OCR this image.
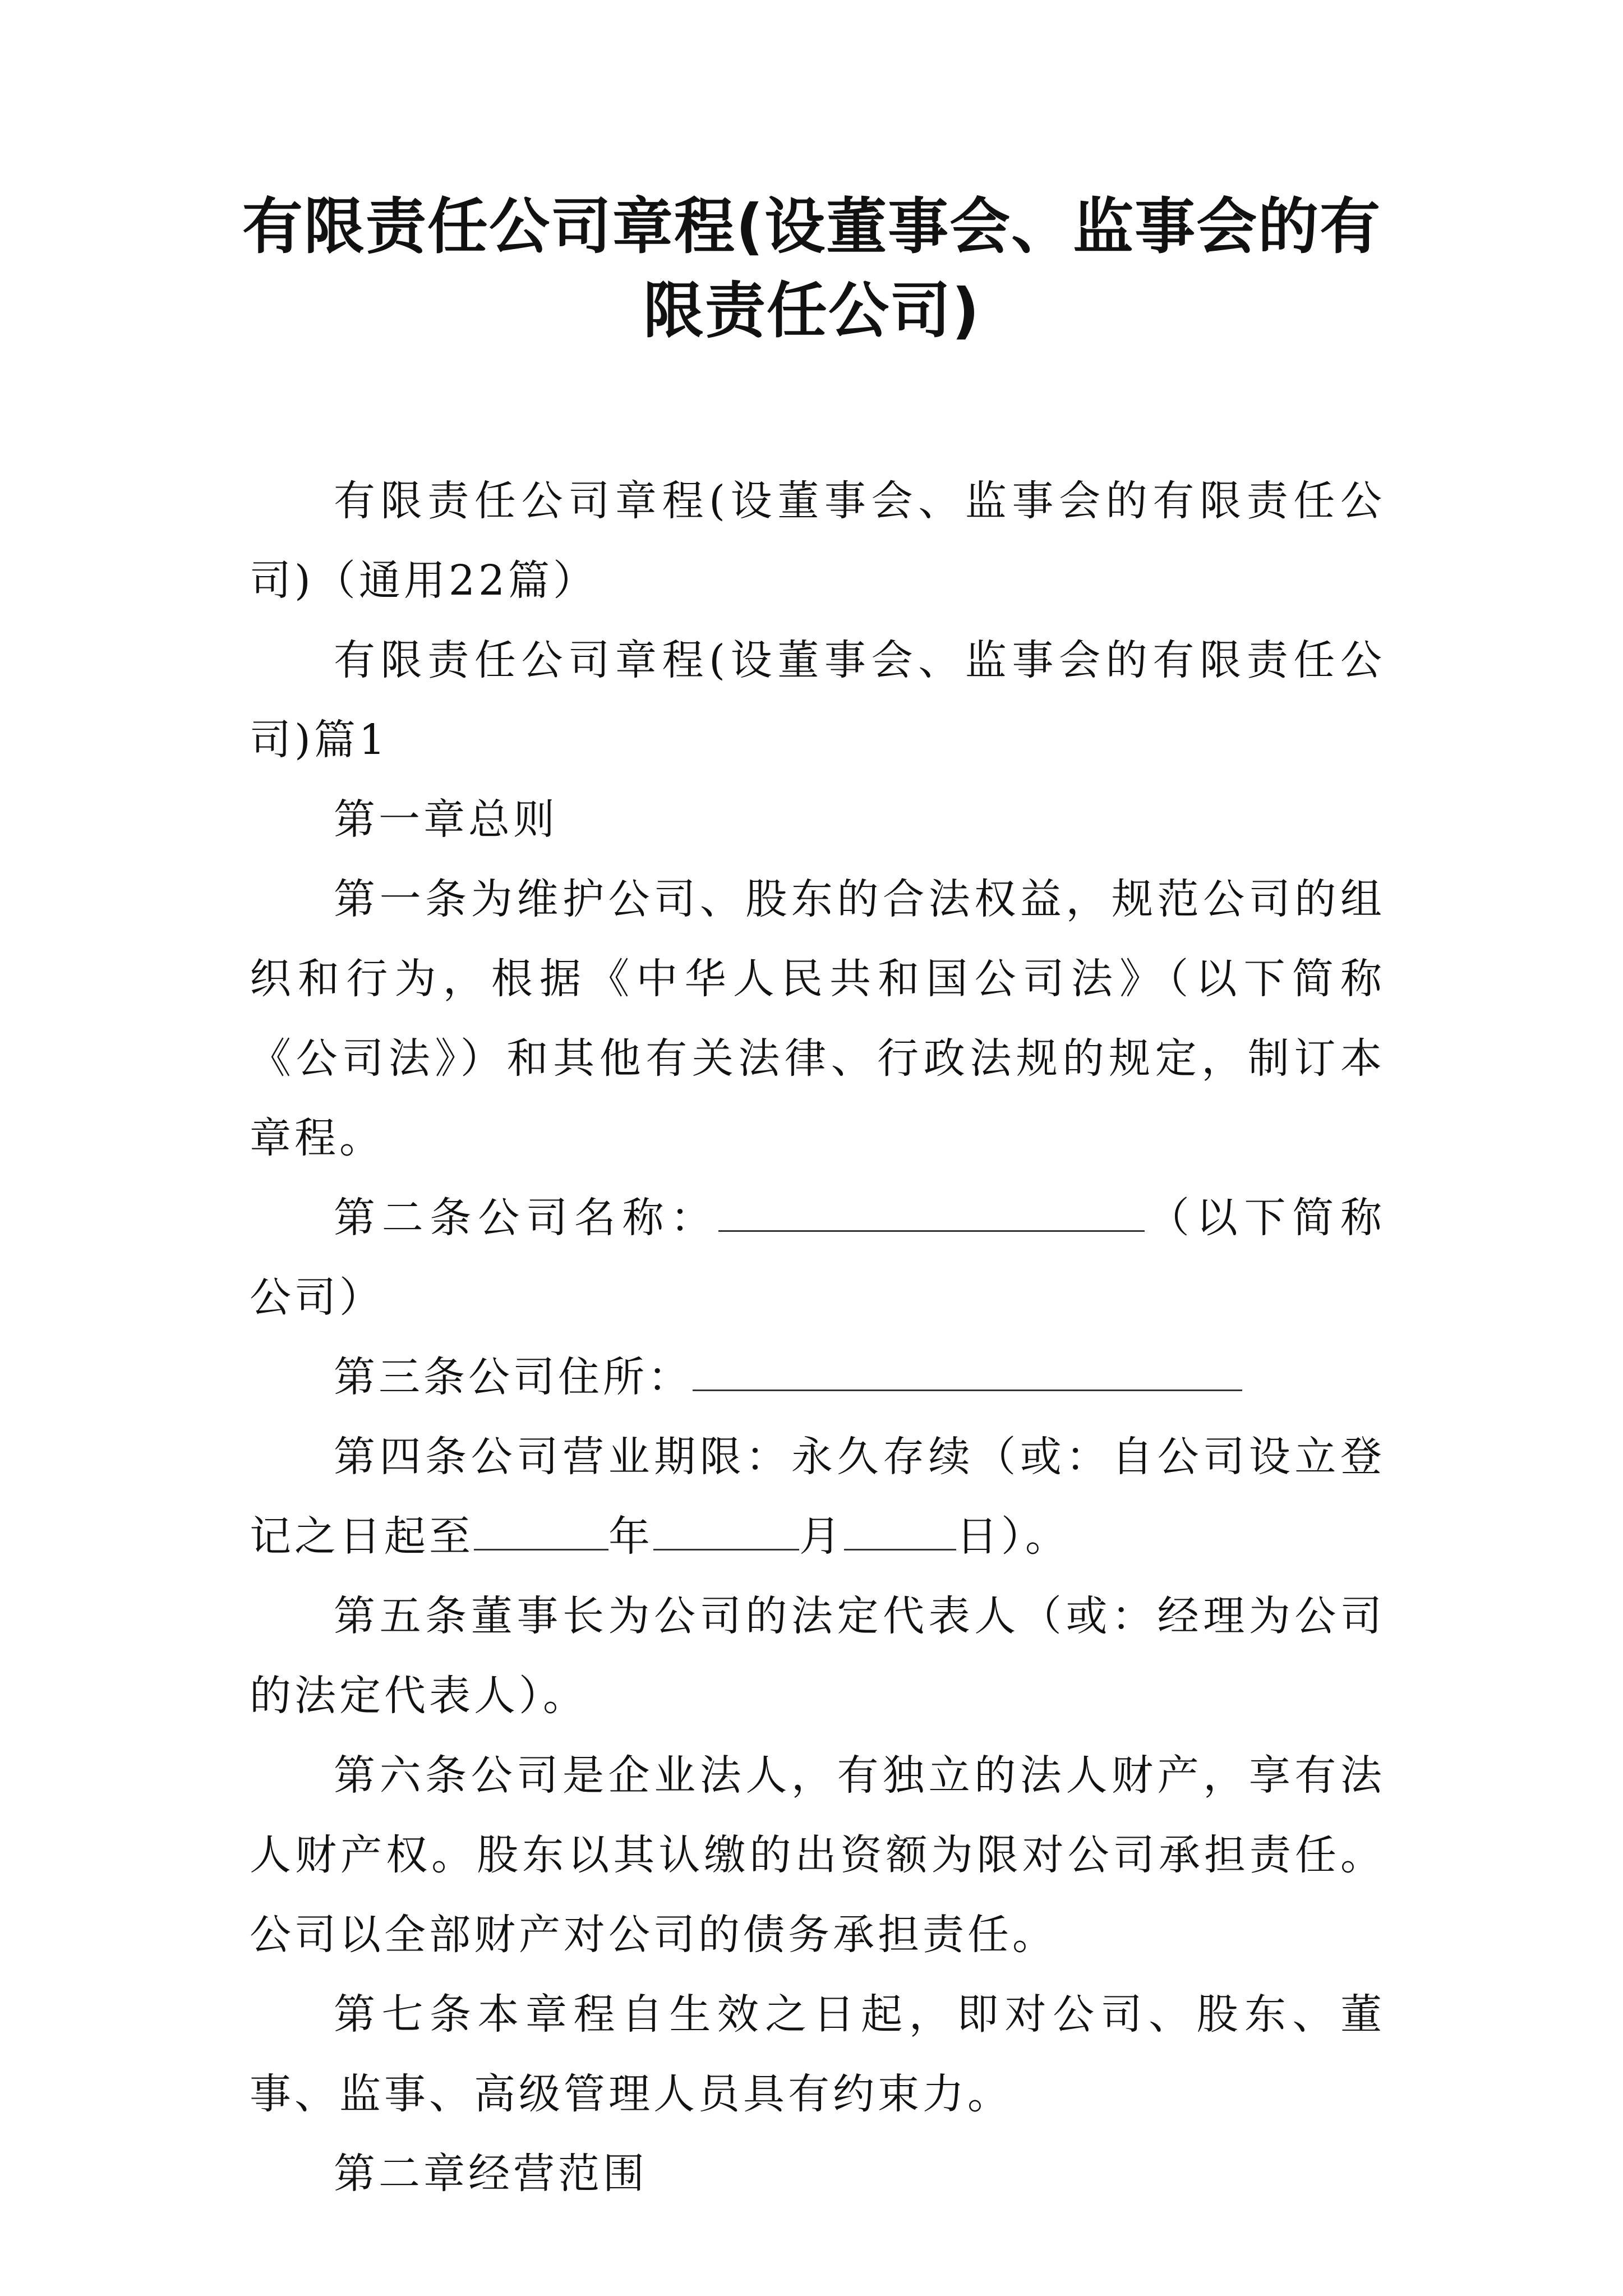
有限责任公司章程(设董事会、监事会的有
限责任公司)

有限责任公司章程(设董事会、监事会的有限责任公司)（通用22篇）

有限责任公司章程(设董事会、监事会的有限责任公司)篇1

第一章总则

第一条为维护公司、股东的合法权益，规范公司的组织和行为，根据《中华人民共和国公司法》（以下简称《公司法》）和其他有关法律、行政法规的规定，制订本章程。

第二条公司名称：	（以下简称公司）

第三条公司住所：

第四条公司营业期限：永久存续（或：自公司设立登记之日起至	年	月	日）。

第五条董事长为公司的法定代表人（或：经理为公司的法定代表人）。

第六条公司是企业法人，有独立的法人财产，享有法人财产权。股东以其认缴的出资额为限对公司承担责任。公司以全部财产对公司的债务承担责任。

第七条本章程自生效之日起，即对公司、股东、董事、监事、高级管理人员具有约束力。

第二章经营范围
